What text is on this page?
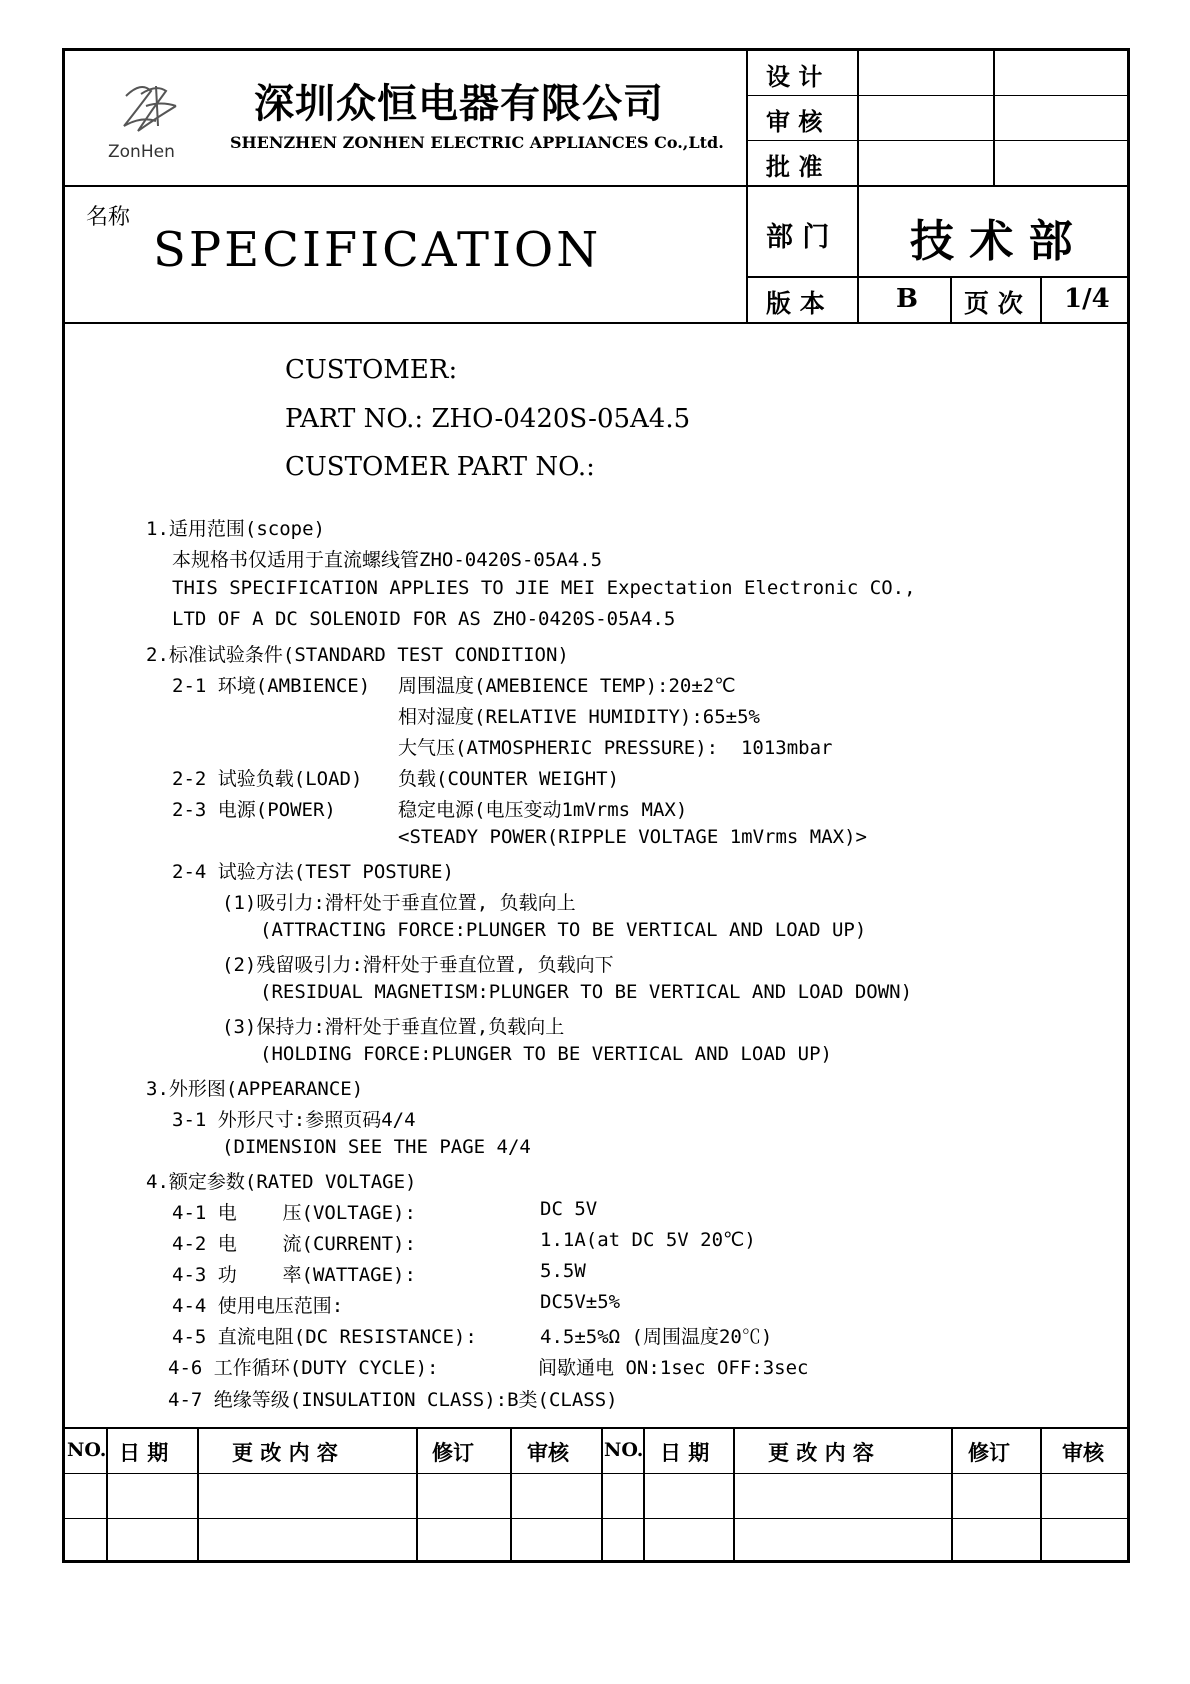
ZonHen
深圳众恒电器有限公司
SHENZHEN ZONHEN ELECTRIC APPLIANCES Co.,Ltd.
设 计
审 核
批 准
名称
SPECIFICATION	部 门 技 术 部
版 本	B 页 次 1/4
CUSTOMER:
PART NO.: ZHO-0420S-05A4.5
CUSTOMER PART NO.:
1.适用范围(scope)
本规格书仅适用于直流螺线管ZHO-0420S-05A4.5
THIS SPECIFICATION APPLIES TO JIE MEI Expectation Electronic CO.,
LTD OF A DC SOLENOID FOR AS ZHO-0420S-05A4.5
2.标准试验条件(STANDARD TEST CONDITION)
2-1 环境(AMBIENCE) 周围温度(AMEBIENCE TEMP):20±2℃
相对湿度(RELATIVE HUMIDITY):65±5%
大气压(ATMOSPHERIC PRESSURE):  1013mbar
2-2 试验负载(LOAD) 负载(COUNTER WEIGHT)
2-3 电源(POWER)	稳定电源(电压变动1mVrms MAX)
<STEADY POWER(RIPPLE VOLTAGE 1mVrms MAX)>
2-4 试验方法(TEST POSTURE)
(1)吸引力:滑杆处于垂直位置, 负载向上
(ATTRACTING FORCE:PLUNGER TO BE VERTICAL AND LOAD UP)
(2)残留吸引力:滑杆处于垂直位置, 负载向下
(RESIDUAL MAGNETISM:PLUNGER TO BE VERTICAL AND LOAD DOWN)
(3)保持力:滑杆处于垂直位置,负载向上
(HOLDING FORCE:PLUNGER TO BE VERTICAL AND LOAD UP)
3.外形图(APPEARANCE)
3-1 外形尺寸:参照页码4/4
(DIMENSION SEE THE PAGE 4/4
4.额定参数(RATED VOLTAGE)
4-1 电    压(VOLTAGE):	DC 5V
4-2 电    流(CURRENT):	1.1A(at DC 5V 20℃)
4-3 功    率(WATTAGE):	5.5W
4-4 使用电压范围:	DC5V±5%
4-5 直流电阻(DC RESISTANCE):	4.5±5%Ω (周围温度20℃)
4-6 工作循环(DUTY CYCLE):	间歇通电 ON:1sec OFF:3sec
4-7 绝缘等级(INSULATION CLASS):B类(CLASS)
NO. 日 期	更 改 内 容	修订	审核 NO. 日 期	更 改 内 容	修订 审核
